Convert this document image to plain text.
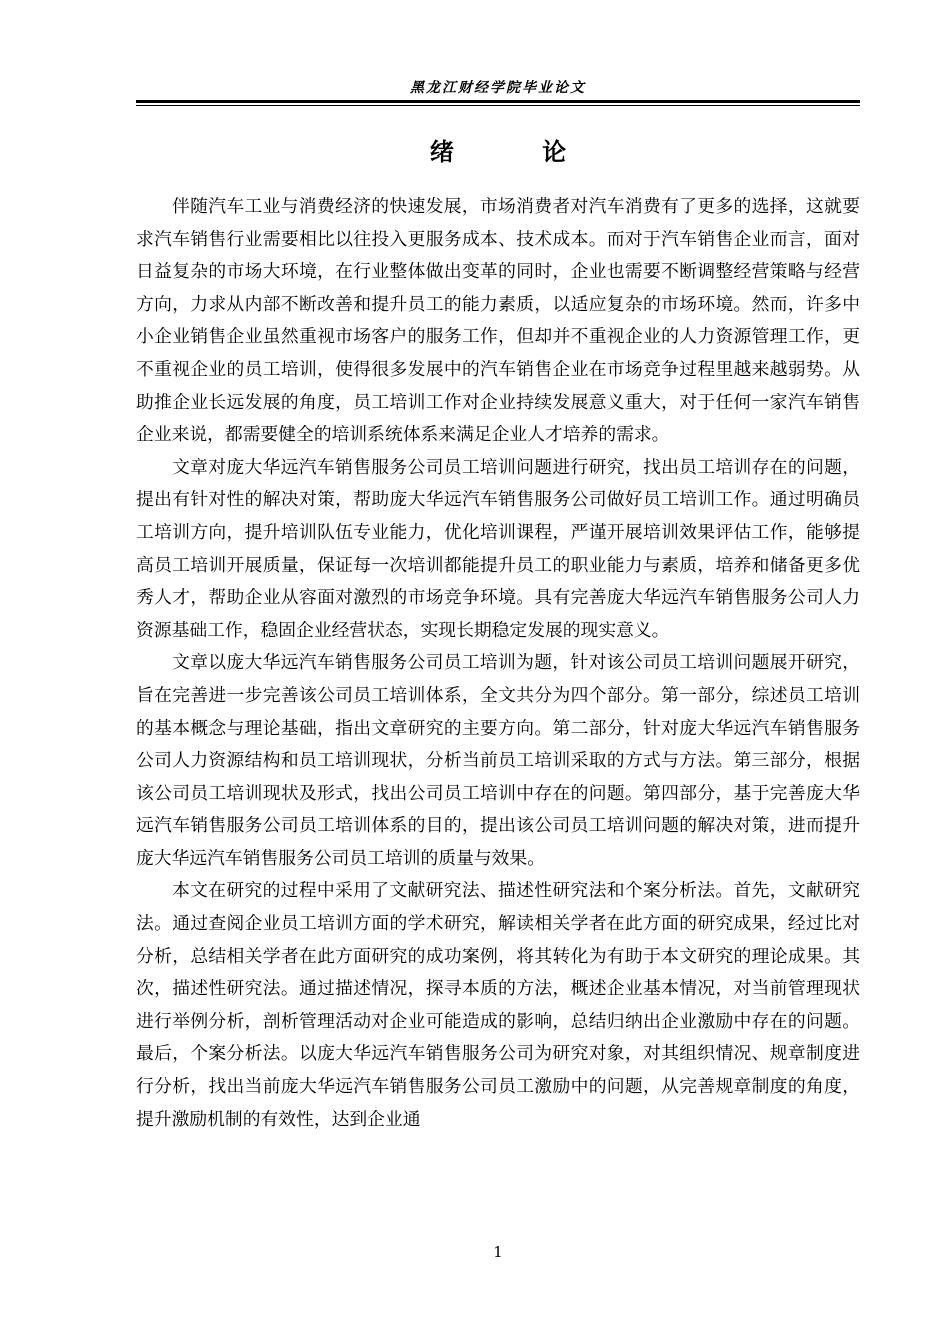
黑龙江财经学院毕业论文
绪 论

伴随汽车工业与消费经济的快速发展，市场消费者对汽车消费有了更多的选择，这就要求汽车销售行业需要相比以往投入更服务成本、技术成本。而对于汽车销售企业而言，面对日益复杂的市场大环境，在行业整体做出变革的同时，企业也需要不断调整经营策略与经营方向，力求从内部不断改善和提升员工的能力素质，以适应复杂的市场环境。然而，许多中小企业销售企业虽然重视市场客户的服务工作，但却并不重视企业的人力资源管理工作，更不重视企业的员工培训，使得很多发展中的汽车销售企业在市场竞争过程里越来越弱势。从助推企业长远发展的角度，员工培训工作对企业持续发展意义重大，对于任何一家汽车销售企业来说，都需要健全的培训系统体系来满足企业人才培养的需求。

文章对庞大华远汽车销售服务公司员工培训问题进行研究，找出员工培训存在的问题，提出有针对性的解决对策，帮助庞大华远汽车销售服务公司做好员工培训工作。通过明确员工培训方向，提升培训队伍专业能力，优化培训课程，严谨开展培训效果评估工作，能够提高员工培训开展质量，保证每一次培训都能提升员工的职业能力与素质，培养和储备更多优秀人才，帮助企业从容面对激烈的市场竞争环境。具有完善庞大华远汽车销售服务公司人力资源基础工作，稳固企业经营状态，实现长期稳定发展的现实意义。

文章以庞大华远汽车销售服务公司员工培训为题，针对该公司员工培训问题展开研究，旨在完善进一步完善该公司员工培训体系，全文共分为四个部分。第一部分，综述员工培训的基本概念与理论基础，指出文章研究的主要方向。第二部分，针对庞大华远汽车销售服务公司人力资源结构和员工培训现状，分析当前员工培训采取的方式与方法。第三部分，根据该公司员工培训现状及形式，找出公司员工培训中存在的问题。第四部分，基于完善庞大华远汽车销售服务公司员工培训体系的目的，提出该公司员工培训问题的解决对策，进而提升庞大华远汽车销售服务公司员工培训的质量与效果。

本文在研究的过程中采用了文献研究法、描述性研究法和个案分析法。首先，文献研究法。通过查阅企业员工培训方面的学术研究，解读相关学者在此方面的研究成果，经过比对分析，总结相关学者在此方面研究的成功案例，将其转化为有助于本文研究的理论成果。其次，描述性研究法。通过描述情况，探寻本质的方法，概述企业基本情况，对当前管理现状进行举例分析，剖析管理活动对企业可能造成的影响，总结归纳出企业激励中存在的问题。最后，个案分析法。以庞大华远汽车销售服务公司为研究对象，对其组织情况、规章制度进行分析，找出当前庞大华远汽车销售服务公司员工激励中的问题，从完善规章制度的角度，提升激励机制的有效性，达到企业通

1
